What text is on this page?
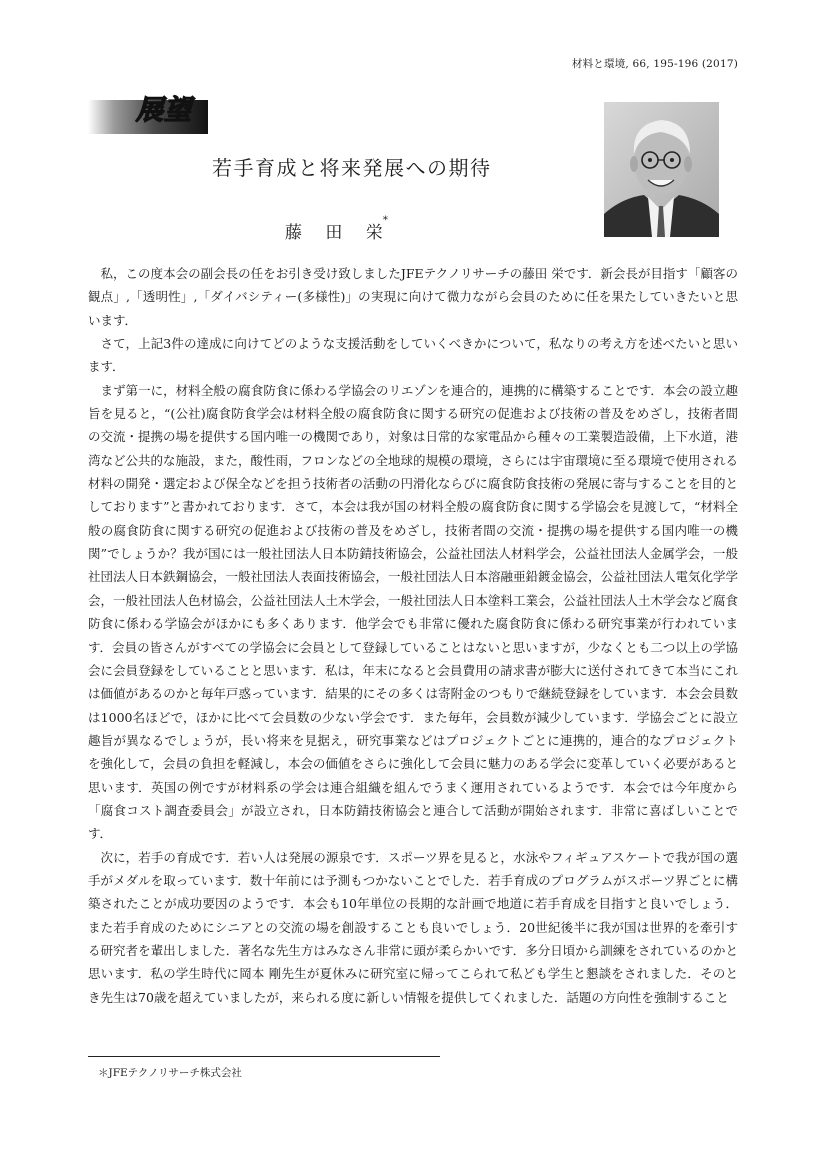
材料と環境, 66, 195-196 (2017)
展望
若手育成と将来発展への期待
藤 田 栄*

私，この度本会の副会長の任をお引き受け致しましたJFEテクノリサーチの藤田 栄です．新会長が目指す「顧客の観点」,「透明性」,「ダイバシティー(多様性)」の実現に向けて微力ながら会員のために任を果たしていきたいと思います．

さて，上記3件の達成に向けてどのような支援活動をしていくべきかについて，私なりの考え方を述べたいと思います．

まず第一に，材料全般の腐食防食に係わる学協会のリエゾンを連合的，連携的に構築することです．本会の設立趣旨を見ると，“(公社)腐食防食学会は材料全般の腐食防食に関する研究の促進および技術の普及をめざし，技術者間の交流・提携の場を提供する国内唯一の機関であり，対象は日常的な家電品から種々の工業製造設備，上下水道，港湾など公共的な施設，また，酸性雨，フロンなどの全地球的規模の環境，さらには宇宙環境に至る環境で使用される材料の開発・選定および保全などを担う技術者の活動の円滑化ならびに腐食防食技術の発展に寄与することを目的としております”と書かれております．さて，本会は我が国の材料全般の腐食防食に関する学協会を見渡して，“材料全般の腐食防食に関する研究の促進および技術の普及をめざし，技術者間の交流・提携の場を提供する国内唯一の機関”でしょうか？我が国には一般社団法人日本防錆技術協会，公益社団法人材料学会，公益社団法人金属学会，一般社団法人日本鉄鋼協会，一般社団法人表面技術協会，一般社団法人日本溶融亜鉛鍍金協会，公益社団法人電気化学学会，一般社団法人色材協会，公益社団法人土木学会，一般社団法人日本塗料工業会，公益社団法人土木学会など腐食防食に係わる学協会がほかにも多くあります．他学会でも非常に優れた腐食防食に係わる研究事業が行われています．会員の皆さんがすべての学協会に会員として登録していることはないと思いますが，少なくとも二つ以上の学協会に会員登録をしていることと思います．私は，年末になると会員費用の請求書が膨大に送付されてきて本当にこれは価値があるのかと毎年戸惑っています．結果的にその多くは寄附金のつもりで継続登録をしています．本会会員数は1000名ほどで，ほかに比べて会員数の少ない学会です．また毎年，会員数が減少しています．学協会ごとに設立趣旨が異なるでしょうが，長い将来を見据え，研究事業などはプロジェクトごとに連携的，連合的なプロジェクトを強化して，会員の負担を軽減し，本会の価値をさらに強化して会員に魅力のある学会に変革していく必要があると思います．英国の例ですが材料系の学会は連合組織を組んでうまく運用されているようです．本会では今年度から「腐食コスト調査委員会」が設立され，日本防錆技術協会と連合して活動が開始されます．非常に喜ばしいことです．

次に，若手の育成です．若い人は発展の源泉です．スポーツ界を見ると，水泳やフィギュアスケートで我が国の選手がメダルを取っています．数十年前には予測もつかないことでした．若手育成のプログラムがスポーツ界ごとに構築されたことが成功要因のようです．本会も10年単位の長期的な計画で地道に若手育成を目指すと良いでしょう．また若手育成のためにシニアとの交流の場を創設することも良いでしょう．20世紀後半に我が国は世界的を牽引する研究者を輩出しました．著名な先生方はみなさん非常に頭が柔らかいです．多分日頃から訓練をされているのかと思います．私の学生時代に岡本 剛先生が夏休みに研究室に帰ってこられて私ども学生と懇談をされました．そのとき先生は70歳を超えていましたが，来られる度に新しい情報を提供してくれました．話題の方向性を強制すること

＊JFEテクノリサーチ株式会社
